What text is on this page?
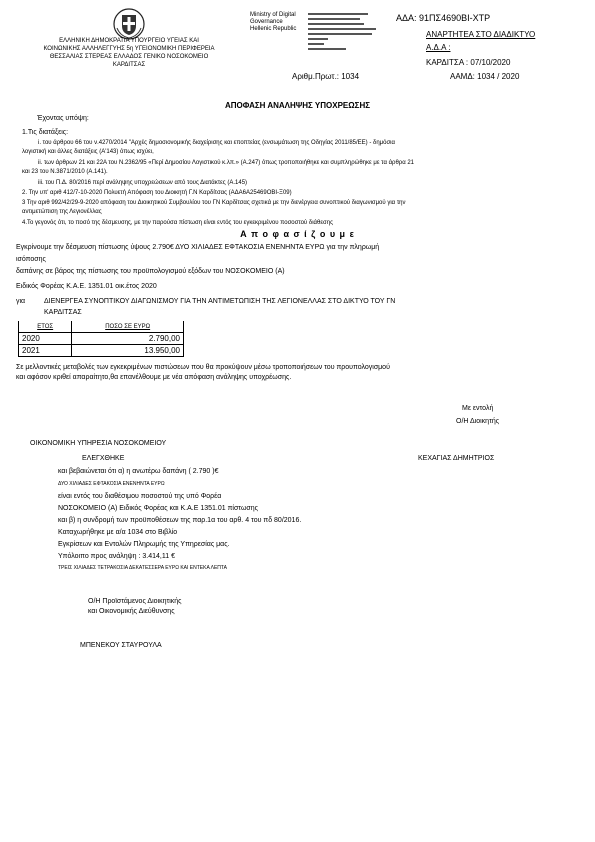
ΕΛΛΗΝΙΚΗ ΔΗΜΟΚΡΑΤΙΑ ΥΠΟΥΡΓΕΙΟ ΥΓΕΙΑΣ ΚΑΙ
ΚΟΙΝΩΝΙΚΗΣ ΑΛΛΗΛΕΓΓΥΗΣ 5η ΥΓΕΙΟΝΟΜΙΚΗ ΠΕΡΙΦΕΡΕΙΑ
ΘΕΣΣΑΛΙΑΣ ΣΤΕΡΕΑΣ ΕΛΛΑΔΟΣ ΓΕΝΙΚΟ ΝΟΣΟΚΟΜΕΙΟ
ΚΑΡΔΙΤΣΑΣ
Ministry of Digital
Governance
Hellenic Republic
ΑΔΑ: 91ΠΣ4690ΒΙ-ΧΤΡ
ΑΝΑΡΤΗΤΕΑ ΣΤΟ ΔΙΑΔΙΚΤΥΟ
Α.Δ.Α :
ΚΑΡΔΙΤΣΑ : 07/10/2020
Αριθμ.Πρωτ.: 1034	ΑΑΜΔ: 1034 / 2020
ΑΠΟΦΑΣΗ ΑΝΑΛΗΨΗΣ ΥΠΟΧΡΕΩΣΗΣ
Έχοντας υπόψη:
1.Τις διατάξεις:
i. του άρθρου 66 του ν.4270/2014 "Αρχές δημοσιονομικής διαχείρισης και εποπτείας (ενσωμάτωση της Οδηγίας 2011/85/ΕΕ) - δημόσια
λογιστική και άλλες διατάξεις (Α'143) όπως ισχύει,
ii. των άρθρων 21 και 22Α του Ν.2362/95 «Περί Δημοσίου Λογιστικού κ.λπ.» (Α.247) όπως τροποποιήθηκε και συμπληρώθηκε με τα άρθρα 21
και 23 του Ν.3871/2010 (Α.141).
iii. του Π.Δ. 80/2016 περί ανάληψης υποχρεώσεων από τους Διατάκτες (Α.145)
2. Την υπ' αριθ 412/7-10-2020 Πολυετή Απόφαση του Διοικητή Γ.Ν Καρδίτσας (ΑΔΑ6Α25469ΟΒΙ-Ξ09)
3 Την αριθ 992/42/29-9-2020 απόφαση του Διοικητικού Συμβουλίου του ΓΝ Καρδίτσας σχετικά με την διενέργεια συνοπτικού διαγωνισμού για την
αντιμετώπιση της Λεγιονέλλας
4.Το γεγονός ότι, το ποσό της δέσμευσης, με την παρούσα πίστωση είναι εντός του εγκεκριμένου ποσοστού διάθεσης
Α π ο φ α σ ί ζ ο υ μ ε
Εγκρίνουμε την δέσμευση πίστωσης ύψους 2.790€ ΔΥΟ ΧΙΛΙΑΔΕΣ ΕΦΤΑΚΟΣΙΑ ΕΝΕΝΗΝΤΑ ΕΥΡΩ για την πληρωμή
ισόποσης
δαπάνης σε βάρος της πίστωσης του προϋπολογισμού εξόδων του ΝΟΣΟΚΟΜΕΙΟ (Α)
Ειδικός Φορέας Κ.Α.Ε. 1351.01 οικ.έτος 2020
για	ΔΙΕΝΕΡΓΕΑ ΣΥΝΟΠΤΙΚΟΥ ΔΙΑΓΩΝΙΣΜΟΥ ΓΙΑ ΤΗΝ ΑΝΤΙΜΕΤΩΠΙΣΗ ΤΗΣ ΛΕΓΙΟΝΕΛΛΑΣ ΣΤΟ ΔΙΚΤΥΟ ΤΟΥ ΓΝ
ΚΑΡΔΙΤΣΑΣ
ΕΤΟΣ	ΠΟΣΟ ΣΕ ΕΥΡΩ
2020	2.790,00
2021	13.950,00
Σε μελλοντικές μεταβολές των εγκεκριμένων πιστώσεων που θα προκύψουν μέσω τροποποιήσεων του προυπολογισμού
και αφόσον κριθεί απαραίτητο,θα επανέλθουμε με νέα απόφαση ανάληψης υποχρέωσης.
Με εντολή
Ο/Η Διοικητής
ΟΙΚΟΝΟΜΙΚΗ ΥΠΗΡΕΣΙΑ ΝΟΣΟΚΟΜΕΙΟΥ
ΕΛΕΓΧΘΗΚΕ	ΚΕΧΑΓΙΑΣ ΔΗΜΗΤΡΙΟΣ
και βεβαιώνεται ότι α) η ανωτέρω δαπάνη ( 2.790 )€
ΔΥΟ ΧΙΛΙΑΔΕΣ ΕΦΤΑΚΟΣΙΑ ΕΝΕΝΗΝΤΑ ΕΥΡΩ
είναι εντός του διαθέσιμου ποσοστού της υπό Φορέα
ΝΟΣΟΚΟΜΕΙΟ (Α) Ειδικός Φορέας και Κ.Α.Ε 1351.01 πίστωσης
και β) η συνδρομή των προϋποθέσεων της παρ.1α του αρθ. 4 του πδ 80/2016.
Καταχωρήθηκε με α/α 1034 στο Βιβλίο
Εγκρίσεων και Εντολών Πληρωμής της Υπηρεσίας μας.
Υπόλοιπο προς ανάληψη : 3.414,11 €
ΤΡΕΙΣ ΧΙΛΙΑΔΕΣ ΤΕΤΡΑΚΟΣΙΑ ΔΕΚΑΤΕΣΣΕΡΑ ΕΥΡΩ ΚΑΙ ΕΝΤΕΚΑ ΛΕΠΤΑ
Ο/Η Προϊστάμενος Διοικητικής
και Οικονομικής Διεύθυνσης
ΜΠΕΝΕΚΟΥ ΣΤΑΥΡΟΥΛΑ
